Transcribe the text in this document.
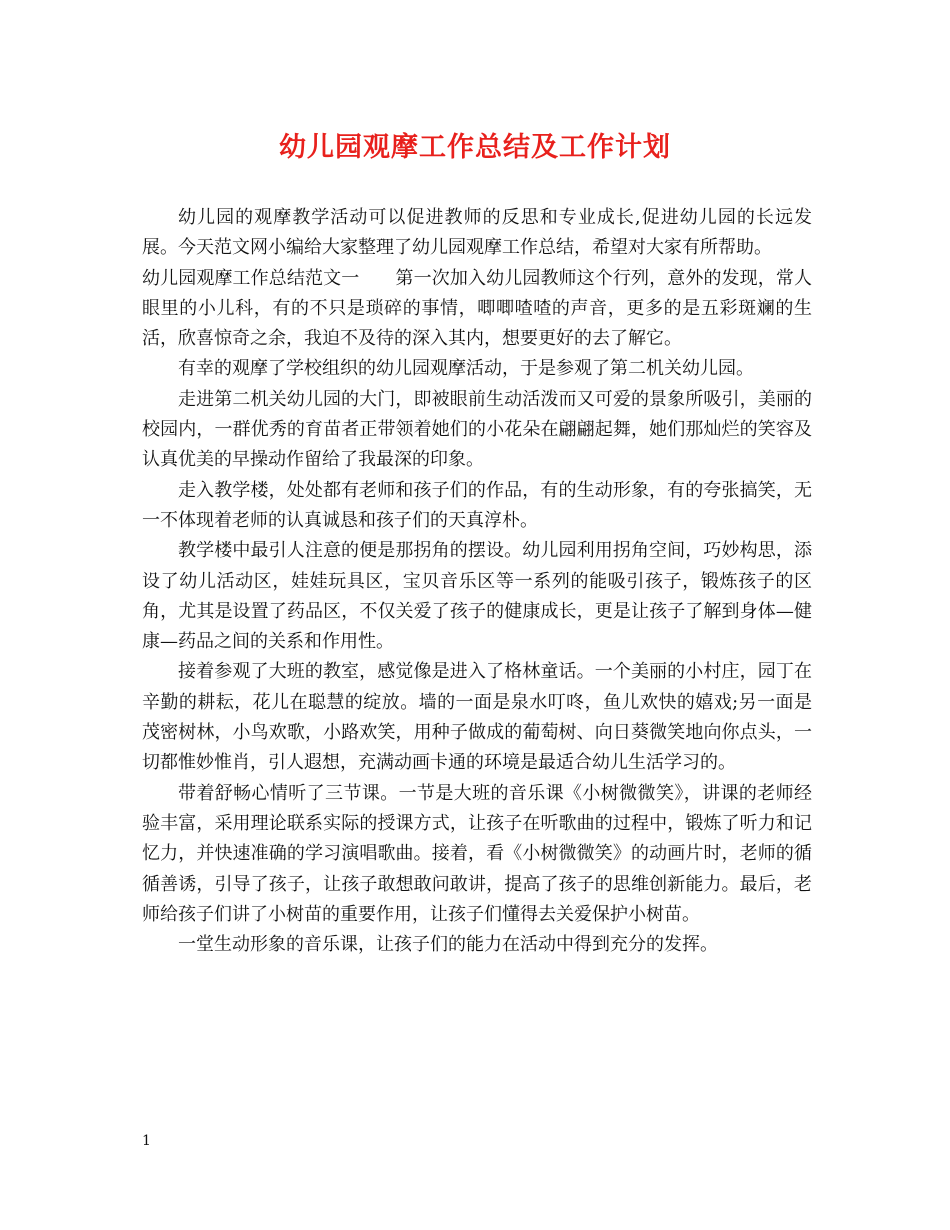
幼儿园观摩工作总结及工作计划

幼儿园的观摩教学活动可以促进教师的反思和专业成长,促进幼儿园的长远发展。今天范文网小编给大家整理了幼儿园观摩工作总结，希望对大家有所帮助。

幼儿园观摩工作总结范文一　　第一次加入幼儿园教师这个行列，意外的发现，常人眼里的小儿科，有的不只是琐碎的事情，唧唧喳喳的声音，更多的是五彩斑斓的生活，欣喜惊奇之余，我迫不及待的深入其内，想要更好的去了解它。

有幸的观摩了学校组织的幼儿园观摩活动，于是参观了第二机关幼儿园。

走进第二机关幼儿园的大门，即被眼前生动活泼而又可爱的景象所吸引，美丽的校园内，一群优秀的育苗者正带领着她们的小花朵在翩翩起舞，她们那灿烂的笑容及认真优美的早操动作留给了我最深的印象。

走入教学楼，处处都有老师和孩子们的作品，有的生动形象，有的夸张搞笑，无一不体现着老师的认真诚恳和孩子们的天真淳朴。

教学楼中最引人注意的便是那拐角的摆设。幼儿园利用拐角空间，巧妙构思，添设了幼儿活动区，娃娃玩具区，宝贝音乐区等一系列的能吸引孩子，锻炼孩子的区角，尤其是设置了药品区，不仅关爱了孩子的健康成长，更是让孩子了解到身体—健康—药品之间的关系和作用性。

接着参观了大班的教室，感觉像是进入了格林童话。一个美丽的小村庄，园丁在辛勤的耕耘，花儿在聪慧的绽放。墙的一面是泉水叮咚，鱼儿欢快的嬉戏;另一面是茂密树林，小鸟欢歌，小路欢笑，用种子做成的葡萄树、向日葵微笑地向你点头，一切都惟妙惟肖，引人遐想，充满动画卡通的环境是最适合幼儿生活学习的。

带着舒畅心情听了三节课。一节是大班的音乐课《小树微微笑》，讲课的老师经验丰富，采用理论联系实际的授课方式，让孩子在听歌曲的过程中，锻炼了听力和记忆力，并快速准确的学习演唱歌曲。接着，看《小树微微笑》的动画片时，老师的循循善诱，引导了孩子，让孩子敢想敢问敢讲，提高了孩子的思维创新能力。最后，老师给孩子们讲了小树苗的重要作用，让孩子们懂得去关爱保护小树苗。

一堂生动形象的音乐课，让孩子们的能力在活动中得到充分的发挥。

1
